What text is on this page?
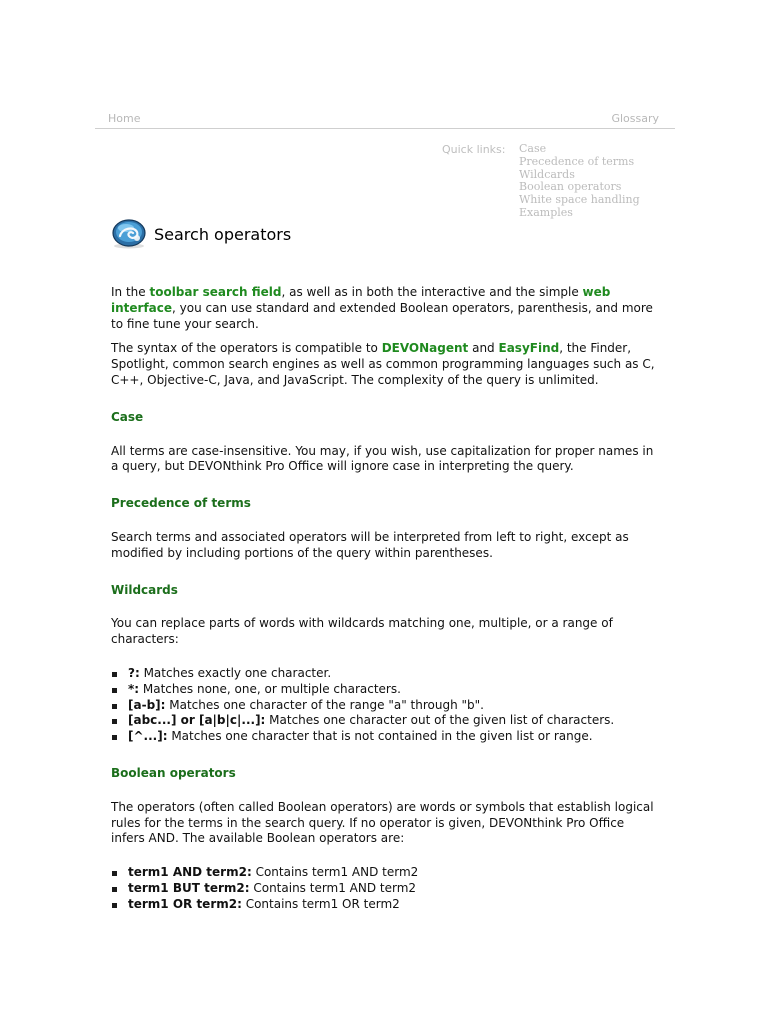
Home	Glossary
Quick links: Case
Precedence of terms
Wildcards
Boolean operators
White space handling
Examples
Search operators

In the toolbar search field, as well as in both the interactive and the simple web interface, you can use standard and extended Boolean operators, parenthesis, and more to fine tune your search.

The syntax of the operators is compatible to DEVONagent and EasyFind, the Finder, Spotlight, common search engines as well as common programming languages such as C, C++, Objective-C, Java, and JavaScript. The complexity of the query is unlimited.

Case

All terms are case-insensitive. You may, if you wish, use capitalization for proper names in a query, but DEVONthink Pro Office will ignore case in interpreting the query.

Precedence of terms

Search terms and associated operators will be interpreted from left to right, except as modified by including portions of the query within parentheses.

Wildcards

You can replace parts of words with wildcards matching one, multiple, or a range of characters:

?: Matches exactly one character.
*: Matches none, one, or multiple characters.
[a-b]: Matches one character of the range "a" through "b".
[abc...] or [a|b|c|...]: Matches one character out of the given list of characters.
[^...]: Matches one character that is not contained in the given list or range.
Boolean operators

The operators (often called Boolean operators) are words or symbols that establish logical rules for the terms in the search query. If no operator is given, DEVONthink Pro Office infers AND. The available Boolean operators are:

term1 AND term2: Contains term1 AND term2
term1 BUT term2: Contains term1 AND term2
term1 OR term2: Contains term1 OR term2
